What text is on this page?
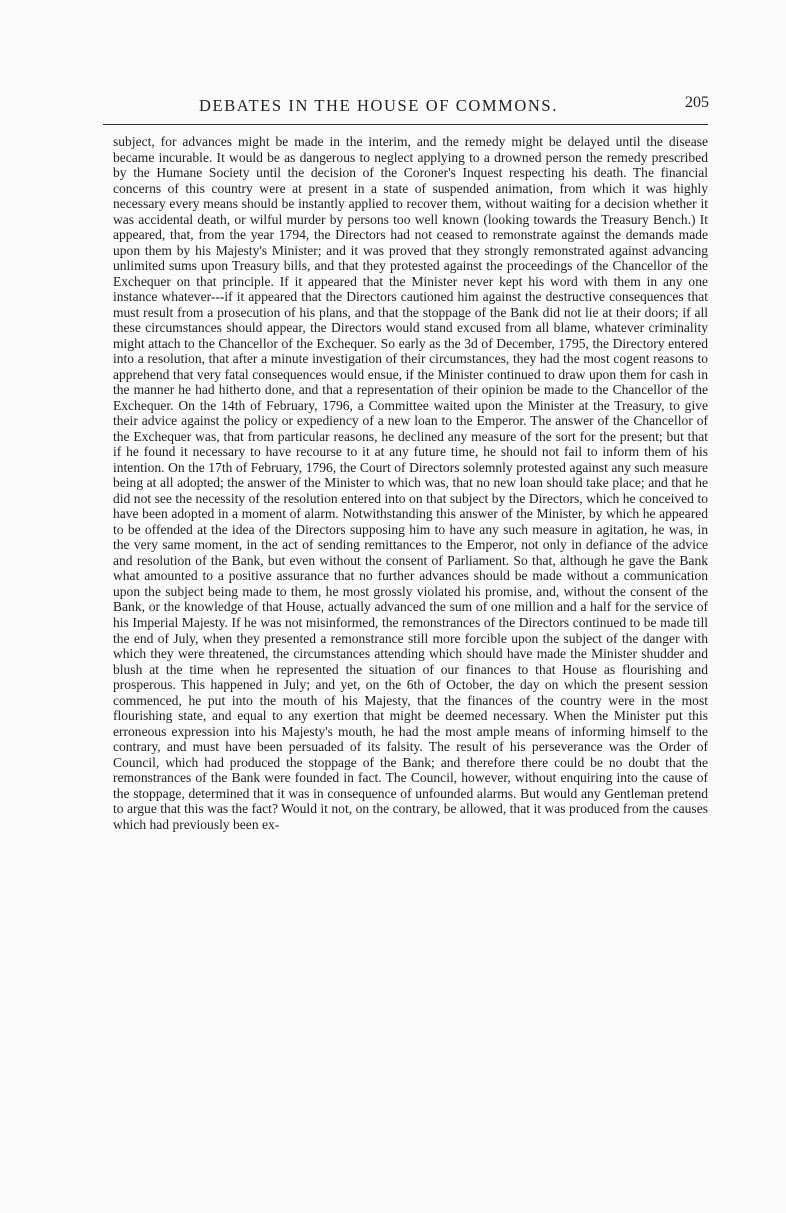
DEBATES IN THE HOUSE OF COMMONS.	205

subject, for advances might be made in the interim, and the remedy might be delayed until the disease became incurable. It would be as dangerous to neglect applying to a drowned person the remedy prescribed by the Humane Society until the decision of the Coroner's Inquest respecting his death. The financial concerns of this country were at present in a state of suspended animation, from which it was highly necessary every means should be instantly applied to recover them, without waiting for a decision whether it was accidental death, or wilful murder by persons too well known (looking towards the Treasury Bench.) It appeared, that, from the year 1794, the Directors had not ceased to remonstrate against the demands made upon them by his Majesty's Minister; and it was proved that they strongly remonstrated against advancing unlimited sums upon Treasury bills, and that they protested against the proceedings of the Chancellor of the Exchequer on that principle. If it appeared that the Minister never kept his word with them in any one instance whatever---if it appeared that the Directors cautioned him against the destructive consequences that must result from a prosecution of his plans, and that the stoppage of the Bank did not lie at their doors; if all these circumstances should appear, the Directors would stand excused from all blame, whatever criminality might attach to the Chancellor of the Exchequer. So early as the 3d of December, 1795, the Directory entered into a resolution, that after a minute investigation of their circumstances, they had the most cogent reasons to apprehend that very fatal consequences would ensue, if the Minister continued to draw upon them for cash in the manner he had hitherto done, and that a representation of their opinion be made to the Chancellor of the Exchequer. On the 14th of February, 1796, a Committee waited upon the Minister at the Treasury, to give their advice against the policy or expediency of a new loan to the Emperor. The answer of the Chancellor of the Exchequer was, that from particular reasons, he declined any measure of the sort for the present; but that if he found it necessary to have recourse to it at any future time, he should not fail to inform them of his intention. On the 17th of February, 1796, the Court of Directors solemnly protested against any such measure being at all adopted; the answer of the Minister to which was, that no new loan should take place; and that he did not see the necessity of the resolution entered into on that subject by the Directors, which he conceived to have been adopted in a moment of alarm. Notwithstanding this answer of the Minister, by which he appeared to be offended at the idea of the Directors supposing him to have any such measure in agitation, he was, in the very same moment, in the act of sending remittances to the Emperor, not only in defiance of the advice and resolution of the Bank, but even without the consent of Parliament. So that, although he gave the Bank what amounted to a positive assurance that no further advances should be made without a communication upon the subject being made to them, he most grossly violated his promise, and, without the consent of the Bank, or the knowledge of that House, actually advanced the sum of one million and a half for the service of his Imperial Majesty. If he was not misinformed, the remonstrances of the Directors continued to be made till the end of July, when they presented a remonstrance still more forcible upon the subject of the danger with which they were threatened, the circumstances attending which should have made the Minister shudder and blush at the time when he represented the situation of our finances to that House as flourishing and prosperous. This happened in July; and yet, on the 6th of October, the day on which the present session commenced, he put into the mouth of his Majesty, that the finances of the country were in the most flourishing state, and equal to any exertion that might be deemed necessary. When the Minister put this erroneous expression into his Majesty's mouth, he had the most ample means of informing himself to the contrary, and must have been persuaded of its falsity. The result of his perseverance was the Order of Council, which had produced the stoppage of the Bank; and therefore there could be no doubt that the remonstrances of the Bank were founded in fact. The Council, however, without enquiring into the cause of the stoppage, determined that it was in consequence of unfounded alarms. But would any Gentleman pretend to argue that this was the fact? Would it not, on the contrary, be allowed, that it was produced from the causes which had previously been ex-
